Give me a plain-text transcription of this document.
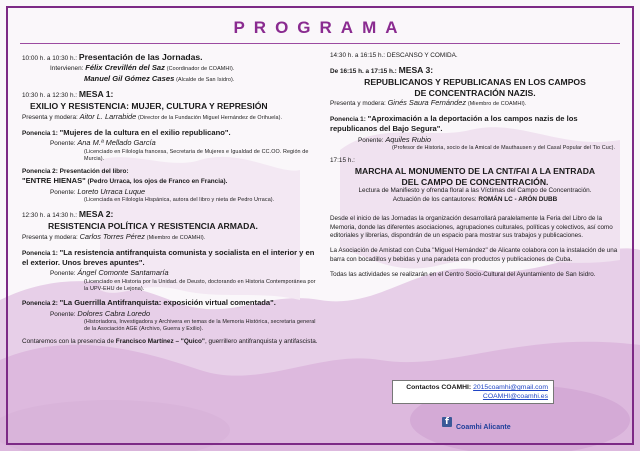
PROGRAMA
10:00 h. a 10:30 h.: Presentación de las Jornadas.
Intervienen: Félix Crevillén del Saz (Coordinador de COAMHI).
Manuel Gil Gómez Cases (Alcalde de San Isidro).
10:30 h. a 12:30 h.: MESA 1:
EXILIO Y RESISTENCIA: MUJER, CULTURA Y REPRESIÓN
Presenta y modera: Aitor L. Larrabide (Director de la Fundación Miguel Hernández de Orihuela).
Ponencia 1: "Mujeres de la cultura en el exilio republicano".
Ponente: Ana M.ª Mellado García
(Licenciado en Filología francesa, Secretaria de Mujeres e Igualdad de CC.OO. Región de Murcia).
Ponencia 2: Presentación del libro:
"ENTRE HIENAS" (Pedro Urraca, los ojos de Franco en Francia).
Ponente: Loreto Urraca Luque
(Licenciada en Filología Hispánica, autora del libro y nieta de Pedro Urraca).
12:30 h. a 14:30 h.: MESA 2:
RESISTENCIA POLÍTICA Y RESISTENCIA ARMADA.
Presenta y modera: Carlos Torres Pérez (Miembro de COAMHI).
Ponencia 1: "La resistencia antifranquista comunista y socialista en el interior y en el exterior. Unos breves apuntes".
Ponente: Ángel Comonte Santamaría
(Licenciado en Historia por la Unidad. de Deusto, doctorando en Historia Contemporánea por la UPV-EHU de Lejona).
Ponencia 2: "La Guerrilla Antifranquista: exposición virtual comentada".
Ponente: Dolores Cabra Loredo
(Historiadora, Investigadora y Archivera en temas de la Memoria Histórica, secretaria general de la Asociación AGE (Archivo, Guerra y Exilio).
Contaremos con la presencia de Francisco Martínez – "Quico", guerrillero antifranquista y antifascista.
14:30 h. a 16:15 h.: DESCANSO Y COMIDA.
De 16:15 h. a 17:15 h.: MESA 3:
REPUBLICANOS Y REPUBLICANAS EN LOS CAMPOS
DE CONCENTRACIÓN NAZIS.
Presenta y modera: Ginés Saura Fernández (Miembro de COAMHI).
Ponencia 1: "Aproximación a la deportación a los campos nazis de los republicanos del Bajo Segura".
Ponente: Aquiles Rubio
(Profesor de Historia, socio de la Amical de Mauthausen y del Casal Popular del Tio Cuc).
17:15 h.:
MARCHA AL MONUMENTO DE LA CNT/FAI A LA ENTRADA
DEL CAMPO DE CONCENTRACIÓN.
Lectura de Manifiesto y ofrenda floral a las Víctimas del Campo de Concentración.
Actuación de los cantautores: ROMÁN LC - ARÓN DUBB
Desde el inicio de las Jornadas la organización desarrollará paralelamente la Feria del Libro de la Memoria, donde las diferentes asociaciones, agrupaciones culturales, políticas y colectivos, así como editoriales y librerías, dispondrán de un espacio para mostrar sus trabajos y publicaciones.
La Asociación de Amistad con Cuba "Miguel Hernández" de Alicante colabora con la instalación de una barra con bocadillos y bebidas y una paradeta con productos y publicaciones de Cuba.
Todas las actividades se realizarán en el Centro Socio-Cultural del Ayuntamiento de San Isidro.
Contactos COAMHI: 2015coamhi@gmail.com
COAMHI@coamhi.es
f
Coamhi Alicante
